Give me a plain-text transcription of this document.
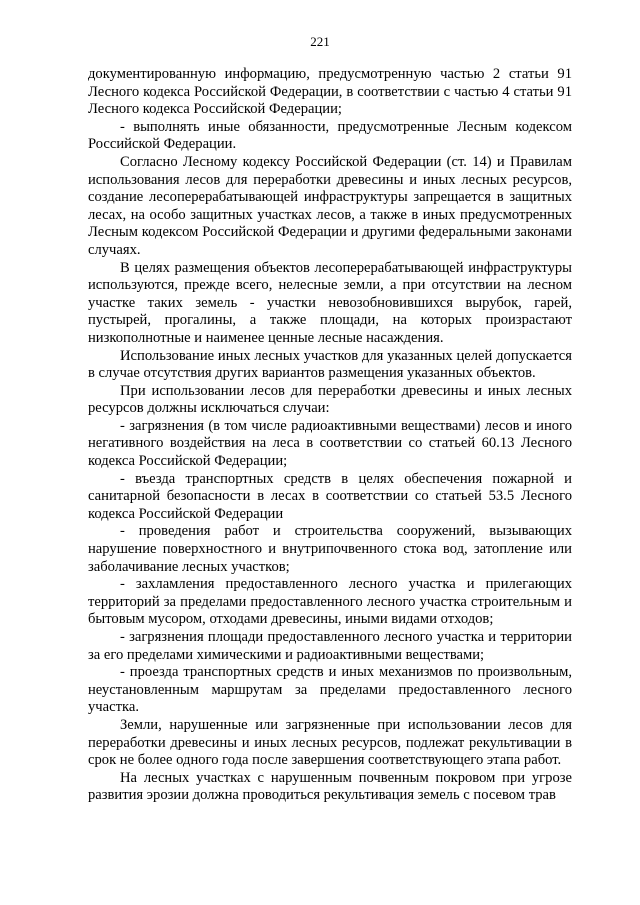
221

документированную информацию, предусмотренную частью 2 статьи 91 Лесного кодекса Российской Федерации, в соответствии с частью 4 статьи 91 Лесного кодекса Российской Федерации;

- выполнять иные обязанности, предусмотренные Лесным кодексом Российской Федерации.

Согласно Лесному кодексу Российской Федерации (ст. 14) и Правилам использования лесов для переработки древесины и иных лесных ресурсов, создание лесоперерабатывающей инфраструктуры запрещается в защитных лесах, на особо защитных участках лесов, а также в иных предусмотренных Лесным кодексом Российской Федерации и другими федеральными законами случаях.

В целях размещения объектов лесоперерабатывающей инфраструктуры используются, прежде всего, нелесные земли, а при отсутствии на лесном участке таких земель - участки невозобновившихся вырубок, гарей, пустырей, прогалины, а также площади, на которых произрастают низкополнотные и наименее ценные лесные насаждения.

Использование иных лесных участков для указанных целей допускается в случае отсутствия других вариантов размещения указанных объектов.

При использовании лесов для переработки древесины и иных лесных ресурсов должны исключаться случаи:

- загрязнения (в том числе радиоактивными веществами) лесов и иного негативного воздействия на леса в соответствии со статьей 60.13 Лесного кодекса Российской Федерации;

- въезда транспортных средств в целях обеспечения пожарной и санитарной безопасности в лесах в соответствии со статьей 53.5 Лесного кодекса Российской Федерации

- проведения работ и строительства сооружений, вызывающих нарушение поверхностного и внутрипочвенного стока вод, затопление или заболачивание лесных участков;

- захламления предоставленного лесного участка и прилегающих территорий за пределами предоставленного лесного участка строительным и бытовым мусором, отходами древесины, иными видами отходов;

- загрязнения площади предоставленного лесного участка и территории за его пределами химическими и радиоактивными веществами;

- проезда транспортных средств и иных механизмов по произвольным, неустановленным маршрутам за пределами предоставленного лесного участка.

Земли, нарушенные или загрязненные при использовании лесов для переработки древесины и иных лесных ресурсов, подлежат рекультивации в срок не более одного года после завершения соответствующего этапа работ.

На лесных участках с нарушенным почвенным покровом при угрозе развития эрозии должна проводиться рекультивация земель с посевом трав
